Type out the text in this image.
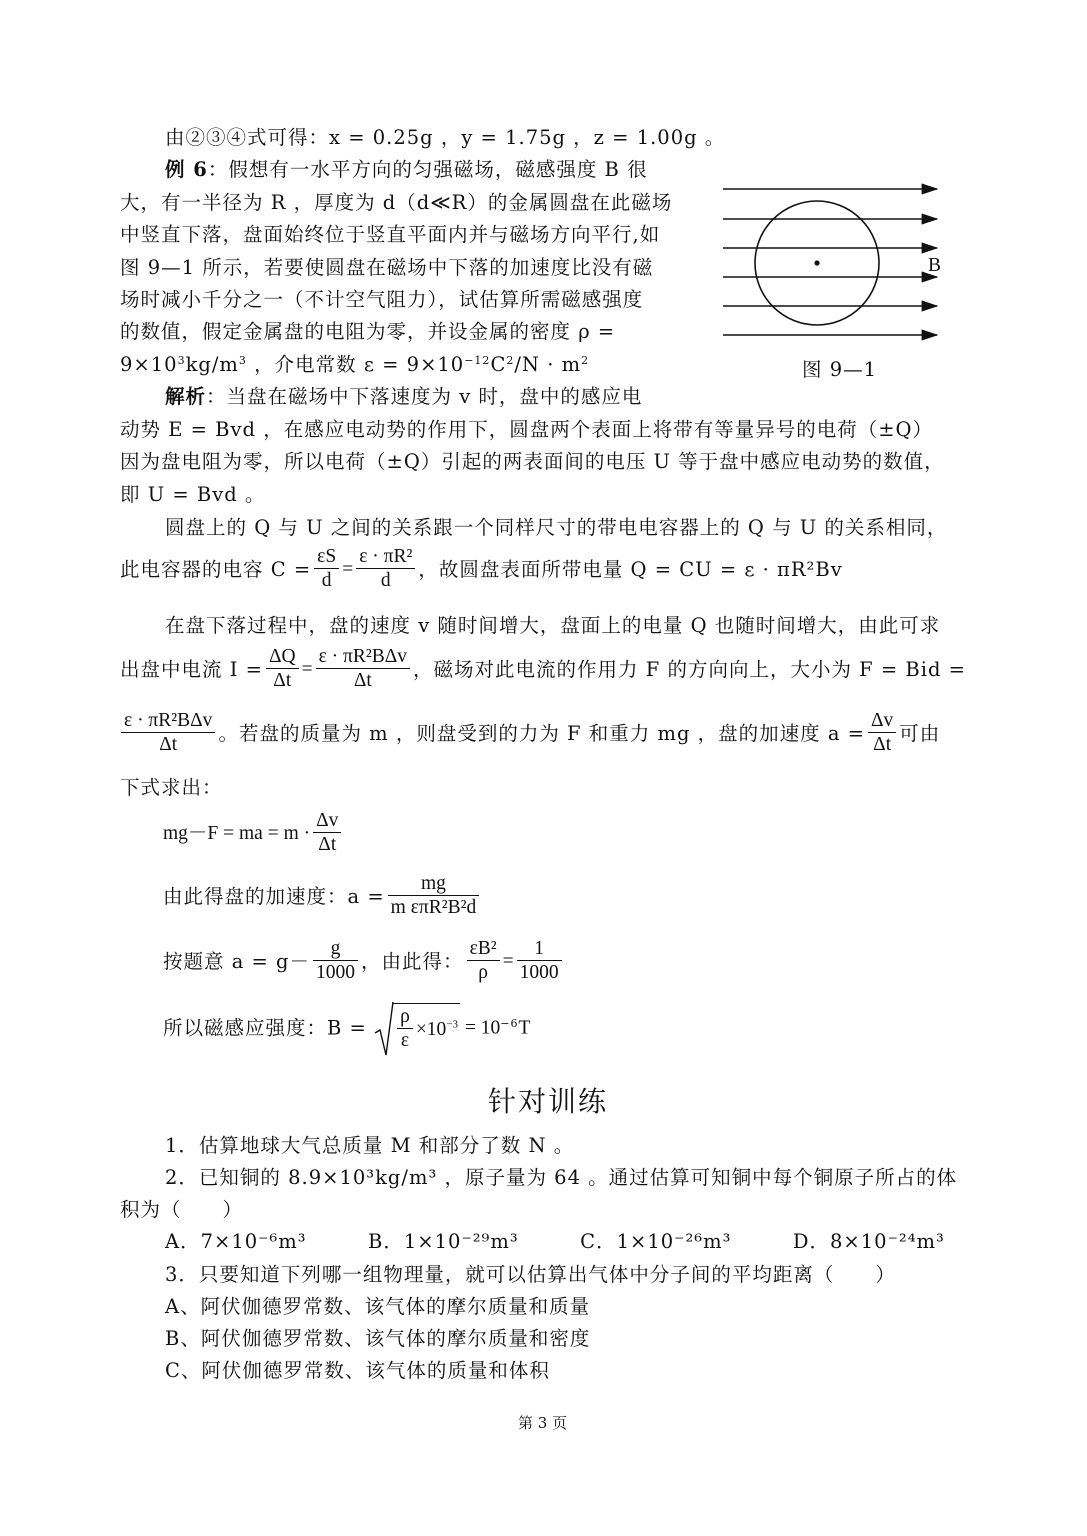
由②③④式可得：x = 0.25g ，y = 1.75g ，z = 1.00g 。
例 6：假想有一水平方向的匀强磁场，磁感强度 B 很
大，有一半径为 R ，厚度为 d（d≪R）的金属圆盘在此磁场
中竖直下落，盘面始终位于竖直平面内并与磁场方向平行,如
图 9—1 所示，若要使圆盘在磁场中下落的加速度比没有磁
场时减小千分之一（不计空气阻力），试估算所需磁感强度
的数值，假定金属盘的电阻为零，并设金属的密度 ρ =
$9\times 10^3kg/m^3$ ，介电常数 $\varepsilon = 9\times 10^{-12}C^2/N \cdot m^2$
B
图 9—1
解析：当盘在磁场中下落速度为 v 时，盘中的感应电
动势 E = Bvd ，在感应电动势的作用下，圆盘两个表面上将带有等量异号的电荷（±Q）
因为盘电阻为零，所以电荷（±Q）引起的两表面间的电压 U 等于盘中感应电动势的数值，
即 U = Bvd 。
圆盘上的 Q 与 U 之间的关系跟一个同样尺寸的带电电容器上的 Q 与 U 的关系相同，
此电容器的电容 $C = \frac{\varepsilon S}{d} = \frac{\text{ε · πR²}}{d}$ ，故圆盘表面所带电量 Q = CU = ε · πR²Bv
在盘下落过程中，盘的速度 v 随时间增大，盘面上的电量 Q 也随时间增大，由此可求
出盘中电流 $I = \frac{\Delta Q}{\Delta t} = \frac{\text{ε · πR²BΔv}}{\Delta t}$ ，磁场对此电流的作用力 F 的方向向上，大小为 F = Bid =
$\frac{\text{ε · πR²BΔv}}{\Delta t}$ 。若盘的质量为 m ，则盘受到的力为 F 和重力 mg ，盘的加速度 $a = \frac{\Delta v}{\Delta t}$ 可由
下式求出：
mg－F = ma = $m \cdot \frac{\Delta v}{\Delta t}$
由此得盘的加速度：$a = \frac{mg}{\text{m επR²B²d}}$
按题意 $a = g- \frac{g}{1000}$ ，由此得： $\frac{\text{εB²}}{\rho} = \frac{1}{1000}$
所以磁感应强度：$B = \frac{\rho}{\varepsilon} \times 10^{-3} = 10^{-6}T$
针对训练
1．估算地球大气总质量 M 和部分了数 N 。
2．已知铜的 8.9×10³kg/m³ ，原子量为 64 。通过估算可知铜中每个铜原子所占的体
积为（　　）
A．7×10⁻⁶m³　　　B．1×10⁻²⁹m³　　　C．1×10⁻²⁶m³　　　D．8×10⁻²⁴m³
3．只要知道下列哪一组物理量，就可以估算出气体中分子间的平均距离（　　）
A、阿伏伽德罗常数、该气体的摩尔质量和质量
B、阿伏伽德罗常数、该气体的摩尔质量和密度
C、阿伏伽德罗常数、该气体的质量和体积
第 3 页
